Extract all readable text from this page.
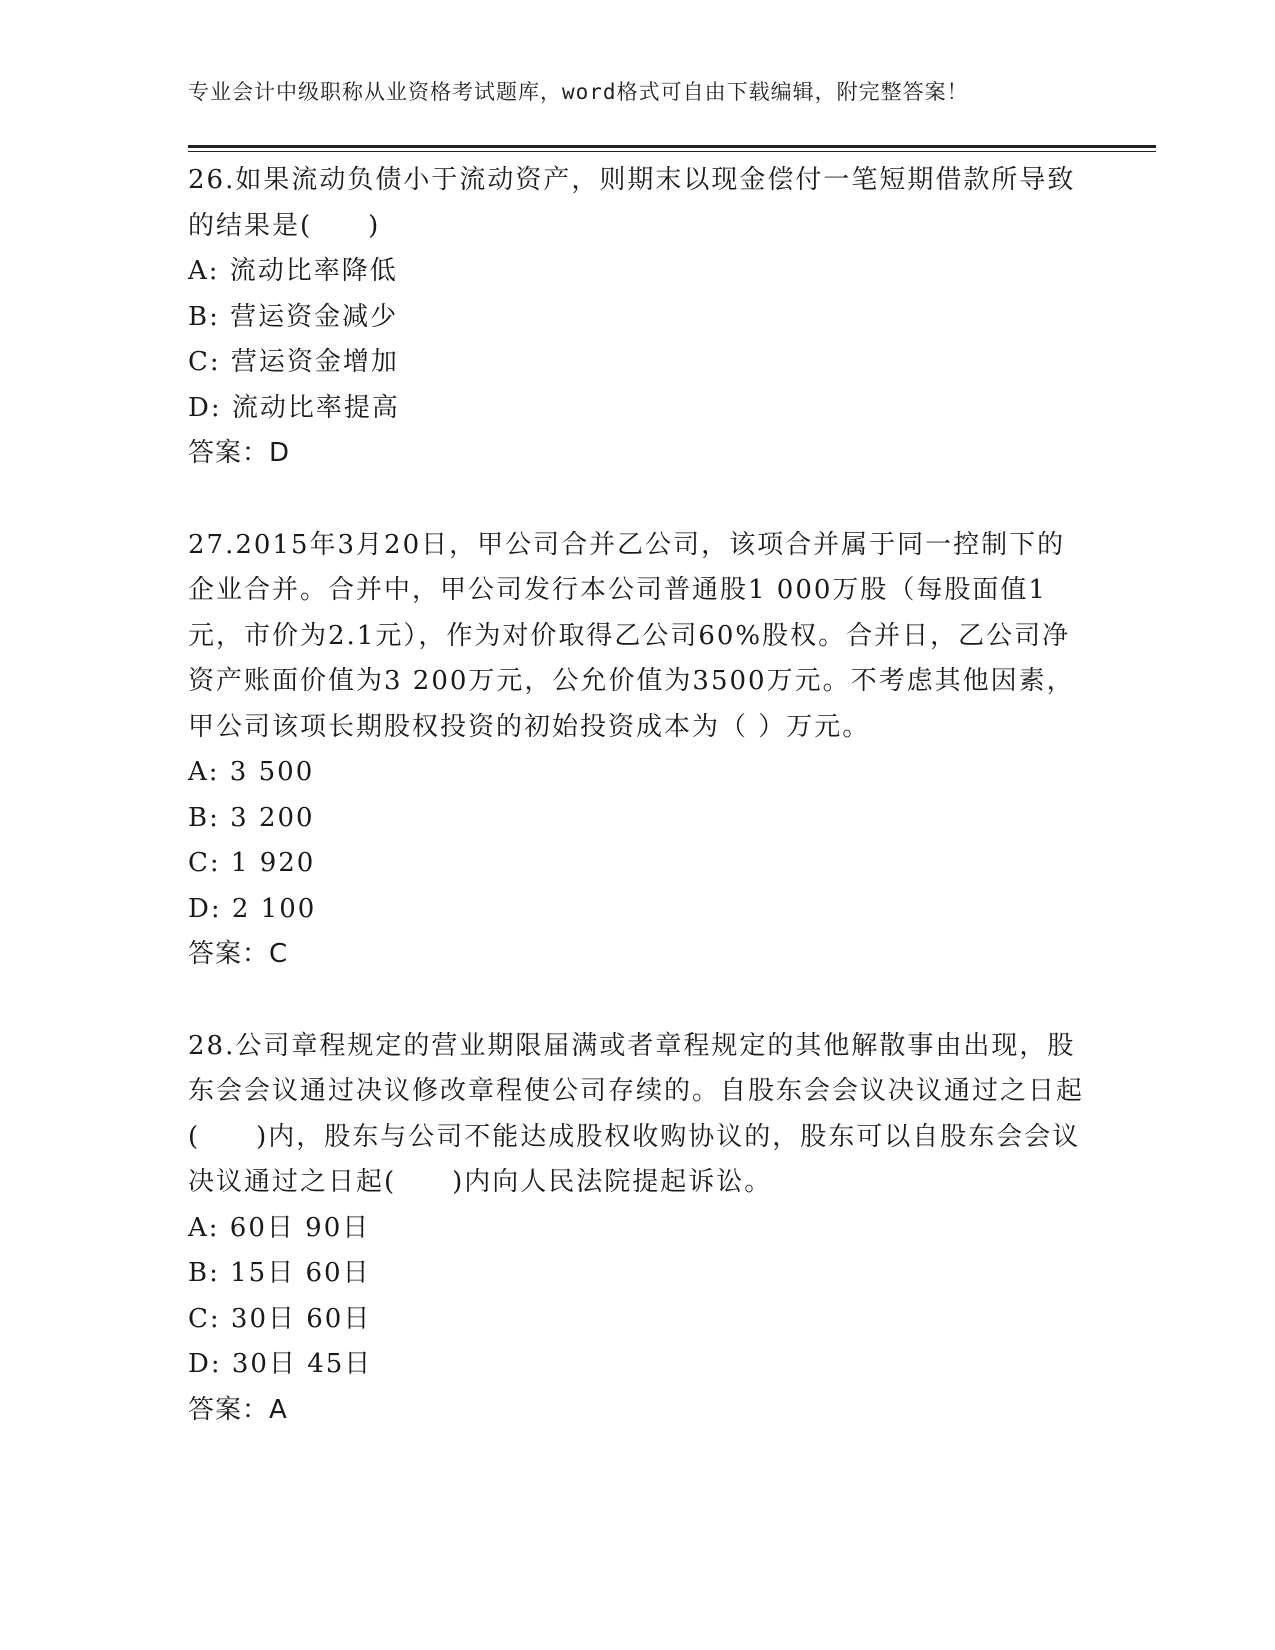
专业会计中级职称从业资格考试题库，word格式可自由下载编辑，附完整答案！

26.如果流动负债小于流动资产，则期末以现金偿付一笔短期借款所导致的结果是(　　)

A: 流动比率降低

B: 营运资金减少

C: 营运资金增加

D: 流动比率提高

答案：D

27.2015年3月20日，甲公司合并乙公司，该项合并属于同一控制下的企业合并。合并中，甲公司发行本公司普通股1 000万股（每股面值1元，市价为2.1元），作为对价取得乙公司60%股权。合并日，乙公司净资产账面价值为3 200万元，公允价值为3500万元。不考虑其他因素，甲公司该项长期股权投资的初始投资成本为（ ）万元。

A: 3 500

B: 3 200

C: 1 920

D: 2 100

答案：C

28.公司章程规定的营业期限届满或者章程规定的其他解散事由出现，股东会会议通过决议修改章程使公司存续的。自股东会会议决议通过之日起(　　)内，股东与公司不能达成股权收购协议的，股东可以自股东会会议决议通过之日起(　　)内向人民法院提起诉讼。

A: 60日 90日

B: 15日 60日

C: 30日 60日

D: 30日 45日

答案：A
